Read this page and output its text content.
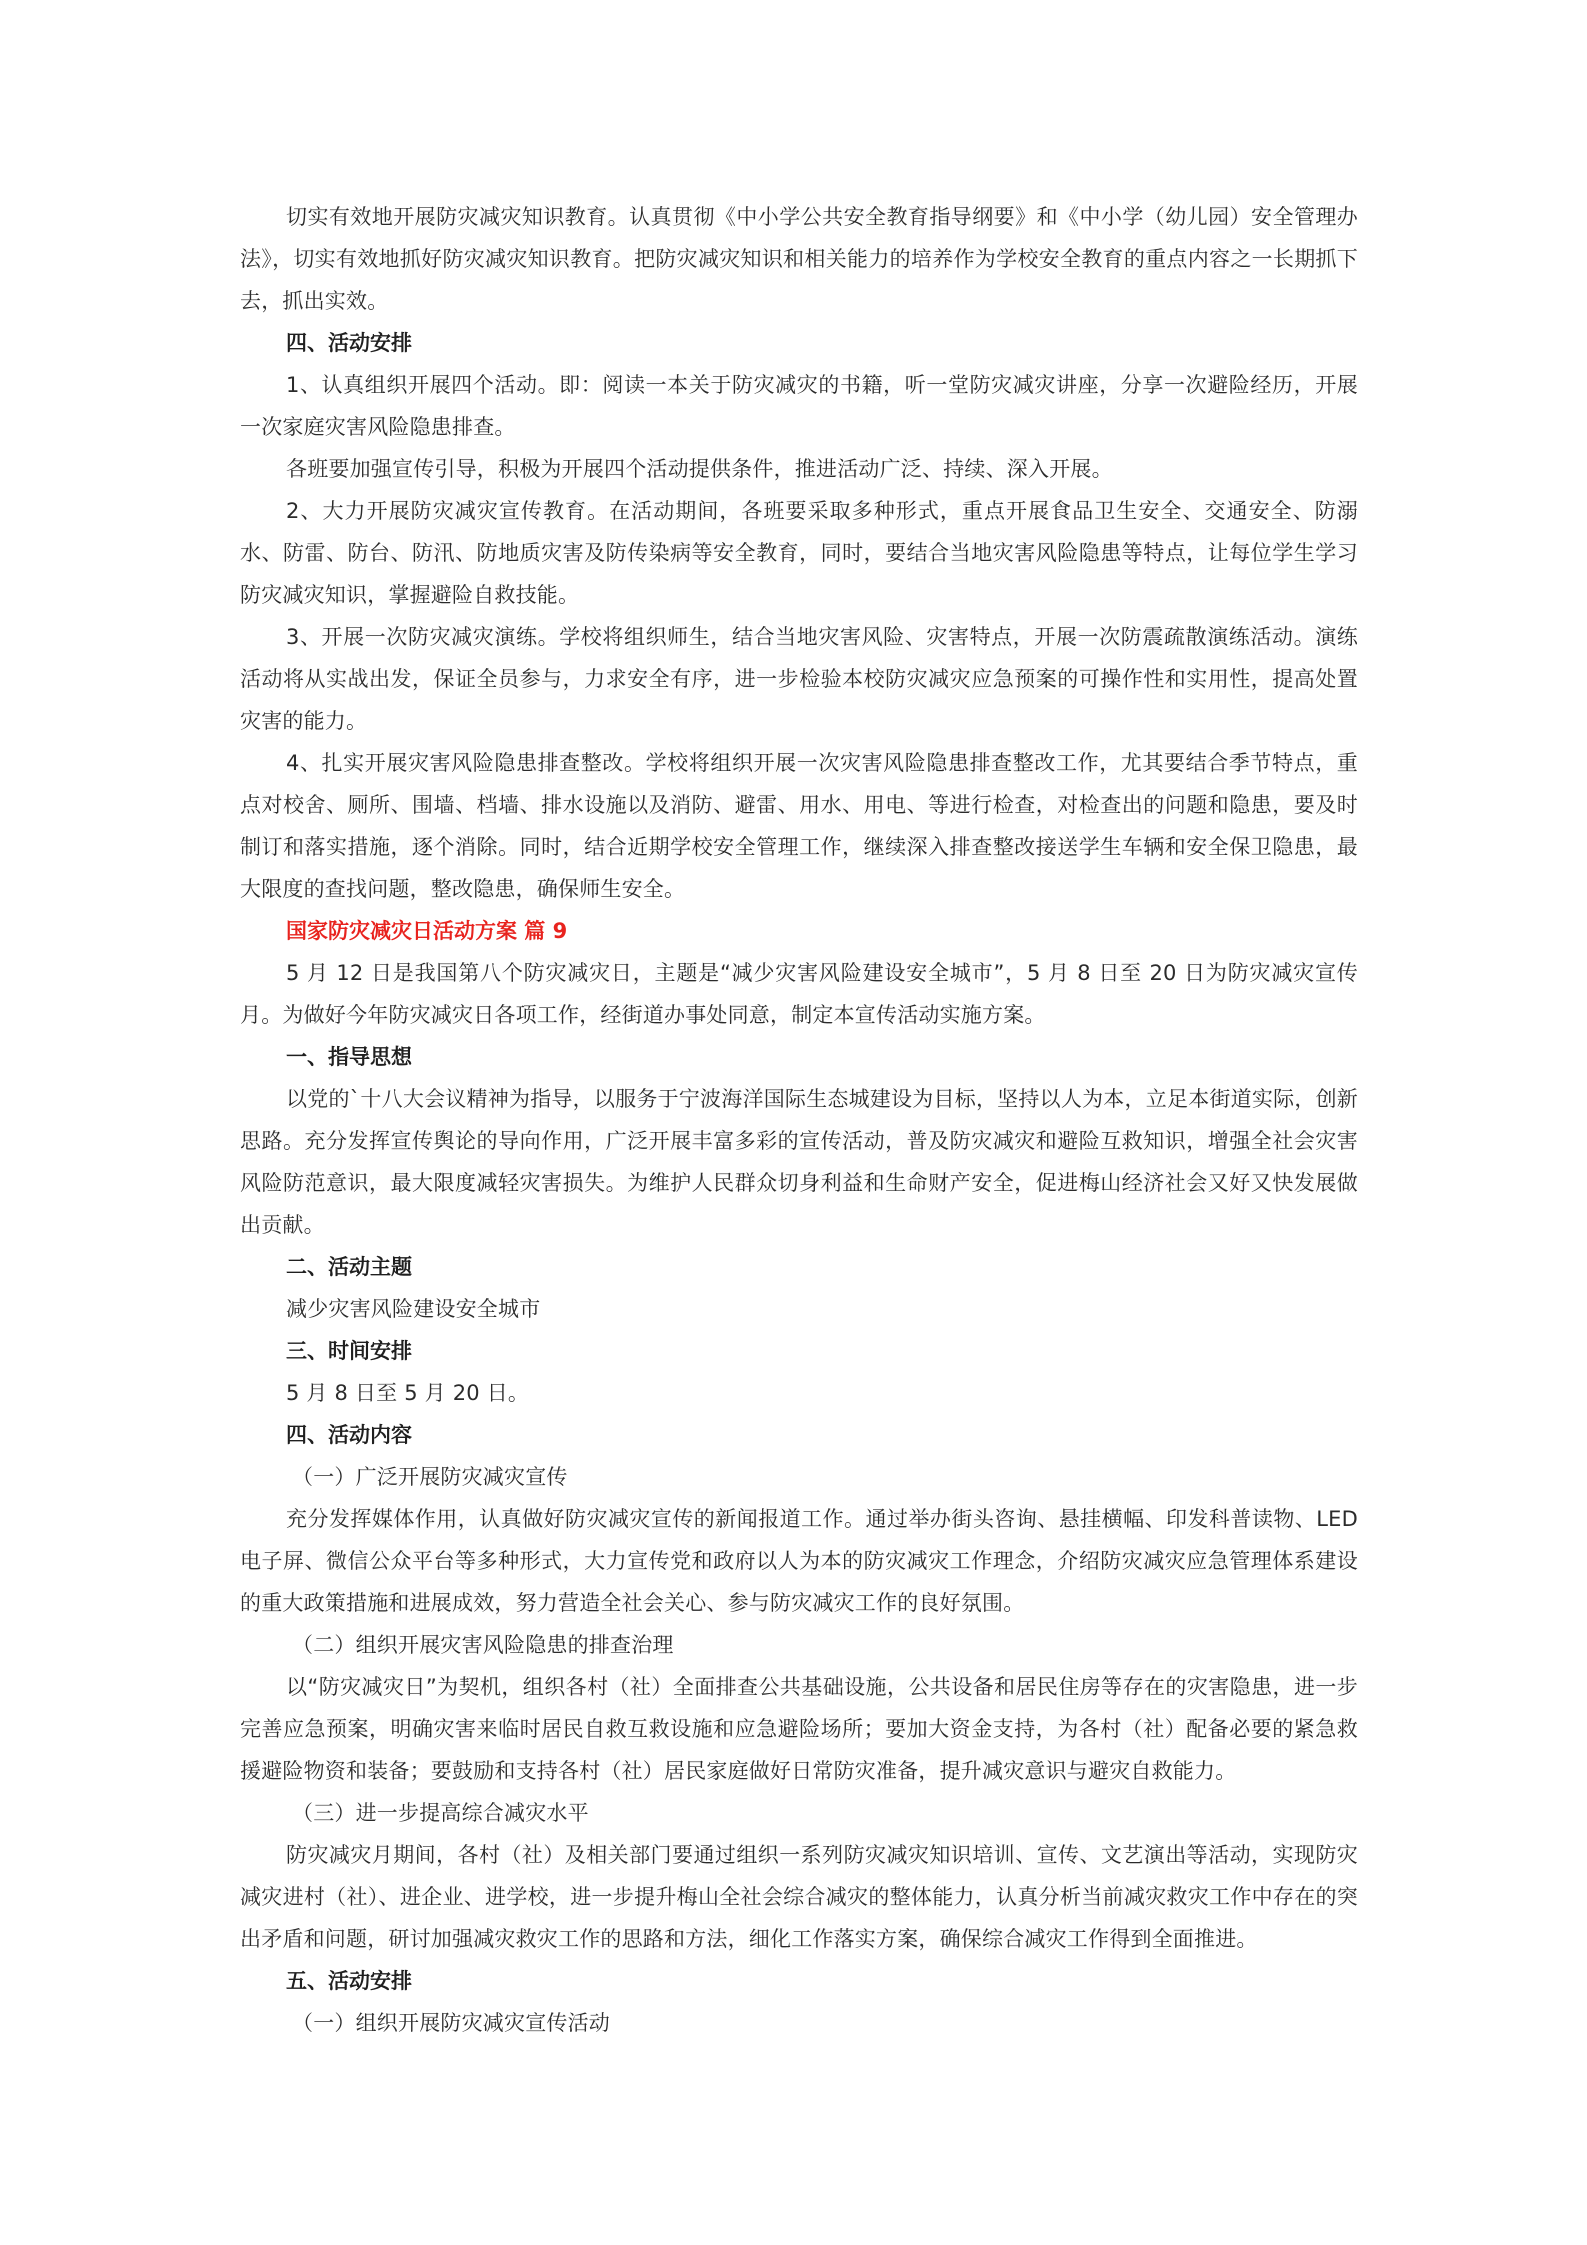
切实有效地开展防灾减灾知识教育。认真贯彻《中小学公共安全教育指导纲要》和《中小学（幼儿园）安全管理办法》，切实有效地抓好防灾减灾知识教育。把防灾减灾知识和相关能力的培养作为学校安全教育的重点内容之一长期抓下去，抓出实效。

四、活动安排

1、认真组织开展四个活动。即：阅读一本关于防灾减灾的书籍，听一堂防灾减灾讲座，分享一次避险经历，开展一次家庭灾害风险隐患排查。

各班要加强宣传引导，积极为开展四个活动提供条件，推进活动广泛、持续、深入开展。

2、大力开展防灾减灾宣传教育。在活动期间，各班要采取多种形式，重点开展食品卫生安全、交通安全、防溺水、防雷、防台、防汛、防地质灾害及防传染病等安全教育，同时，要结合当地灾害风险隐患等特点，让每位学生学习防灾减灾知识，掌握避险自救技能。

3、开展一次防灾减灾演练。学校将组织师生，结合当地灾害风险、灾害特点，开展一次防震疏散演练活动。演练活动将从实战出发，保证全员参与，力求安全有序，进一步检验本校防灾减灾应急预案的可操作性和实用性，提高处置灾害的能力。

4、扎实开展灾害风险隐患排查整改。学校将组织开展一次灾害风险隐患排查整改工作，尤其要结合季节特点，重点对校舍、厕所、围墙、档墙、排水设施以及消防、避雷、用水、用电、等进行检查，对检查出的问题和隐患，要及时制订和落实措施，逐个消除。同时，结合近期学校安全管理工作，继续深入排查整改接送学生车辆和安全保卫隐患，最大限度的查找问题，整改隐患，确保师生安全。

国家防灾减灾日活动方案 篇 9

5 月 12 日是我国第八个防灾减灾日，主题是“减少灾害风险建设安全城市”，5 月 8 日至 20 日为防灾减灾宣传月。为做好今年防灾减灾日各项工作，经街道办事处同意，制定本宣传活动实施方案。

一、指导思想

以党的`十八大会议精神为指导，以服务于宁波海洋国际生态城建设为目标，坚持以人为本，立足本街道实际，创新思路。充分发挥宣传舆论的导向作用，广泛开展丰富多彩的宣传活动，普及防灾减灾和避险互救知识，增强全社会灾害风险防范意识，最大限度减轻灾害损失。为维护人民群众切身利益和生命财产安全，促进梅山经济社会又好又快发展做出贡献。

二、活动主题

减少灾害风险建设安全城市

三、时间安排

5 月 8 日至 5 月 20 日。

四、活动内容

（一）广泛开展防灾减灾宣传

充分发挥媒体作用，认真做好防灾减灾宣传的新闻报道工作。通过举办街头咨询、悬挂横幅、印发科普读物、LED 电子屏、微信公众平台等多种形式，大力宣传党和政府以人为本的防灾减灾工作理念，介绍防灾减灾应急管理体系建设的重大政策措施和进展成效，努力营造全社会关心、参与防灾减灾工作的良好氛围。

（二）组织开展灾害风险隐患的排查治理

以“防灾减灾日”为契机，组织各村（社）全面排查公共基础设施，公共设备和居民住房等存在的灾害隐患，进一步完善应急预案，明确灾害来临时居民自救互救设施和应急避险场所；要加大资金支持，为各村（社）配备必要的紧急救援避险物资和装备；要鼓励和支持各村（社）居民家庭做好日常防灾准备，提升减灾意识与避灾自救能力。

（三）进一步提高综合减灾水平

防灾减灾月期间，各村（社）及相关部门要通过组织一系列防灾减灾知识培训、宣传、文艺演出等活动，实现防灾减灾进村（社）、进企业、进学校，进一步提升梅山全社会综合减灾的整体能力，认真分析当前减灾救灾工作中存在的突出矛盾和问题，研讨加强减灾救灾工作的思路和方法，细化工作落实方案，确保综合减灾工作得到全面推进。

五、活动安排

（一）组织开展防灾减灾宣传活动
